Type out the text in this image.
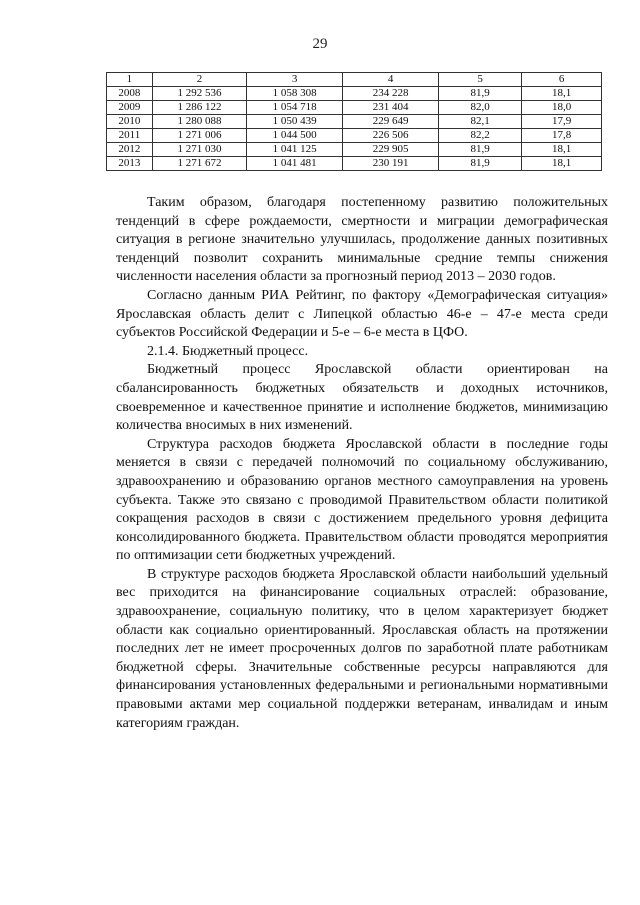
29
1	2	3	4	5	6
2008	1 292 536	1 058 308	234 228	81,9	18,1
2009	1 286 122	1 054 718	231 404	82,0	18,0
2010	1 280 088	1 050 439	229 649	82,1	17,9
2011	1 271 006	1 044 500	226 506	82,2	17,8
2012	1 271 030	1 041 125	229 905	81,9	18,1
2013	1 271 672	1 041 481	230 191	81,9	18,1

Таким образом, благодаря постепенному развитию положительных тенденций в сфере рождаемости, смертности и миграции демографическая ситуация в регионе значительно улучшилась, продолжение данных позитивных тенденций позволит сохранить минимальные средние темпы снижения численности населения области за прогнозный период 2013 – 2030 годов.

Согласно данным РИА Рейтинг, по фактору «Демографическая ситуация» Ярославская область делит с Липецкой областью 46-е – 47-е места среди субъектов Российской Федерации и 5-е – 6-е места в ЦФО.

2.1.4. Бюджетный процесс.

Бюджетный процесс Ярославской области ориентирован на сбалансированность бюджетных обязательств и доходных источников, своевременное и качественное принятие и исполнение бюджетов, минимизацию количества вносимых в них изменений.

Структура расходов бюджета Ярославской области в последние годы меняется в связи с передачей полномочий по социальному обслуживанию, здравоохранению и образованию органов местного самоуправления на уровень субъекта. Также это связано с проводимой Правительством области политикой сокращения расходов в связи с достижением предельного уровня дефицита консолидированного бюджета. Правительством области проводятся мероприятия по оптимизации сети бюджетных учреждений.

В структуре расходов бюджета Ярославской области наибольший удельный вес приходится на финансирование социальных отраслей: образование, здравоохранение, социальную политику, что в целом характеризует бюджет области как социально ориентированный. Ярославская область на протяжении последних лет не имеет просроченных долгов по заработной плате работникам бюджетной сферы. Значительные собственные ресурсы направляются для финансирования установленных федеральными и региональными нормативными правовыми актами мер социальной поддержки ветеранам, инвалидам и иным категориям граждан.
